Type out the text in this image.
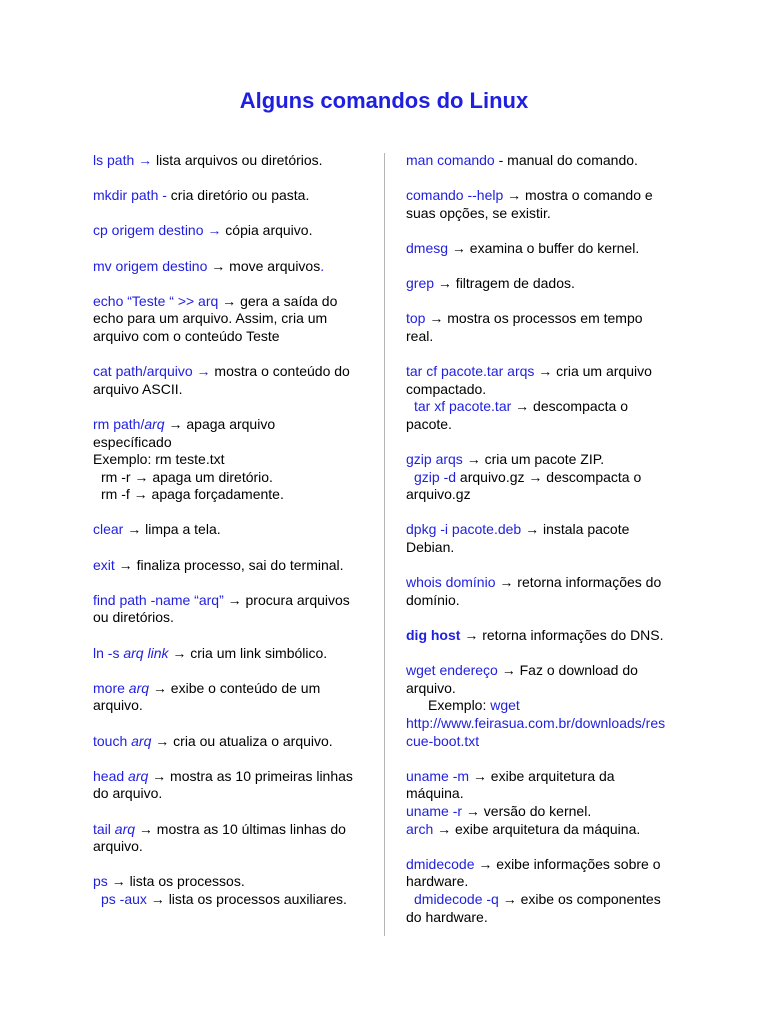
Alguns comandos do Linux
ls path → lista arquivos ou diretórios.
mkdir path - cria diretório ou pasta.
cp origem destino → cópia arquivo.
mv origem destino → move arquivos.
echo “Teste “ >> arq → gera a saída do
echo para um arquivo. Assim, cria um
arquivo com o conteúdo Teste
cat path/arquivo → mostra o conteúdo do
arquivo ASCII.
rm path/arq → apaga arquivo
específicado
Exemplo: rm teste.txt
rm -r → apaga um diretório.
rm -f → apaga forçadamente.
clear → limpa a tela.
exit → finaliza processo, sai do terminal.
find path -name “arq” → procura arquivos
ou diretórios.
ln -s arq link → cria um link simbólico.
more arq → exibe o conteúdo de um
arquivo.
touch arq → cria ou atualiza o arquivo.
head arq → mostra as 10 primeiras linhas
do arquivo.
tail arq → mostra as 10 últimas linhas do
arquivo.
ps → lista os processos.
ps -aux → lista os processos auxiliares.
man comando - manual do comando.
comando --help → mostra o comando e
suas opções, se existir.
dmesg → examina o buffer do kernel.
grep → filtragem de dados.
top → mostra os processos em tempo
real.
tar cf pacote.tar arqs → cria um arquivo
compactado.
tar xf pacote.tar → descompacta o
pacote.
gzip arqs → cria um pacote ZIP.
gzip -d arquivo.gz → descompacta o
arquivo.gz
dpkg -i pacote.deb → instala pacote
Debian.
whois domínio → retorna informações do
domínio.
dig host → retorna informações do DNS.
wget endereço → Faz o download do
arquivo.
Exemplo: wget
http://www.feirasua.com.br/downloads/res
cue-boot.txt
uname -m → exibe arquitetura da
máquina.
uname -r → versão do kernel.
arch → exibe arquitetura da máquina.
dmidecode → exibe informações sobre o
hardware.
dmidecode -q → exibe os componentes
do hardware.
